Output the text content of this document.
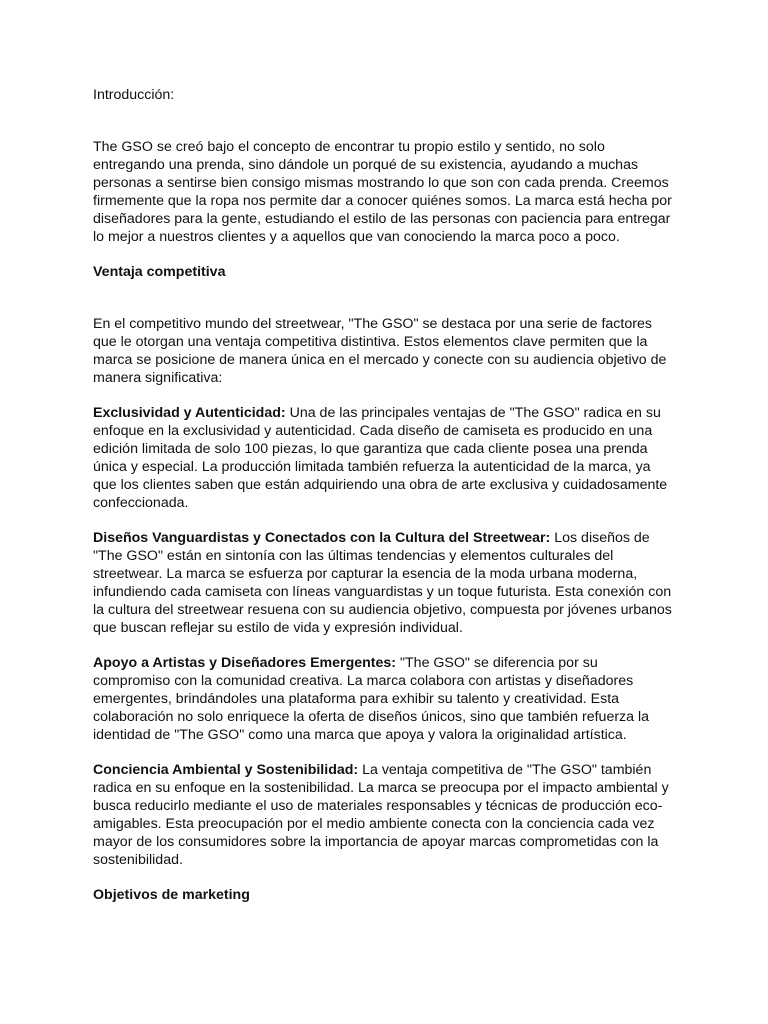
Introducción:

The GSO se creó bajo el concepto de encontrar tu propio estilo y sentido, no solo entregando una prenda, sino dándole un porqué de su existencia, ayudando a muchas personas a sentirse bien consigo mismas mostrando lo que son con cada prenda. Creemos firmemente que la ropa nos permite dar a conocer quiénes somos. La marca está hecha por diseñadores para la gente, estudiando el estilo de las personas con paciencia para entregar lo mejor a nuestros clientes y a aquellos que van conociendo la marca poco a poco.

Ventaja competitiva

En el competitivo mundo del streetwear, "The GSO" se destaca por una serie de factores que le otorgan una ventaja competitiva distintiva. Estos elementos clave permiten que la marca se posicione de manera única en el mercado y conecte con su audiencia objetivo de manera significativa:

Exclusividad y Autenticidad: Una de las principales ventajas de "The GSO" radica en su enfoque en la exclusividad y autenticidad. Cada diseño de camiseta es producido en una edición limitada de solo 100 piezas, lo que garantiza que cada cliente posea una prenda única y especial. La producción limitada también refuerza la autenticidad de la marca, ya que los clientes saben que están adquiriendo una obra de arte exclusiva y cuidadosamente confeccionada.

Diseños Vanguardistas y Conectados con la Cultura del Streetwear: Los diseños de "The GSO" están en sintonía con las últimas tendencias y elementos culturales del streetwear. La marca se esfuerza por capturar la esencia de la moda urbana moderna, infundiendo cada camiseta con líneas vanguardistas y un toque futurista. Esta conexión con la cultura del streetwear resuena con su audiencia objetivo, compuesta por jóvenes urbanos que buscan reflejar su estilo de vida y expresión individual.

Apoyo a Artistas y Diseñadores Emergentes: "The GSO" se diferencia por su compromiso con la comunidad creativa. La marca colabora con artistas y diseñadores emergentes, brindándoles una plataforma para exhibir su talento y creatividad. Esta colaboración no solo enriquece la oferta de diseños únicos, sino que también refuerza la identidad de "The GSO" como una marca que apoya y valora la originalidad artística.

Conciencia Ambiental y Sostenibilidad: La ventaja competitiva de "The GSO" también radica en su enfoque en la sostenibilidad. La marca se preocupa por el impacto ambiental y busca reducirlo mediante el uso de materiales responsables y técnicas de producción eco-amigables. Esta preocupación por el medio ambiente conecta con la conciencia cada vez mayor de los consumidores sobre la importancia de apoyar marcas comprometidas con la sostenibilidad.

Objetivos de marketing
